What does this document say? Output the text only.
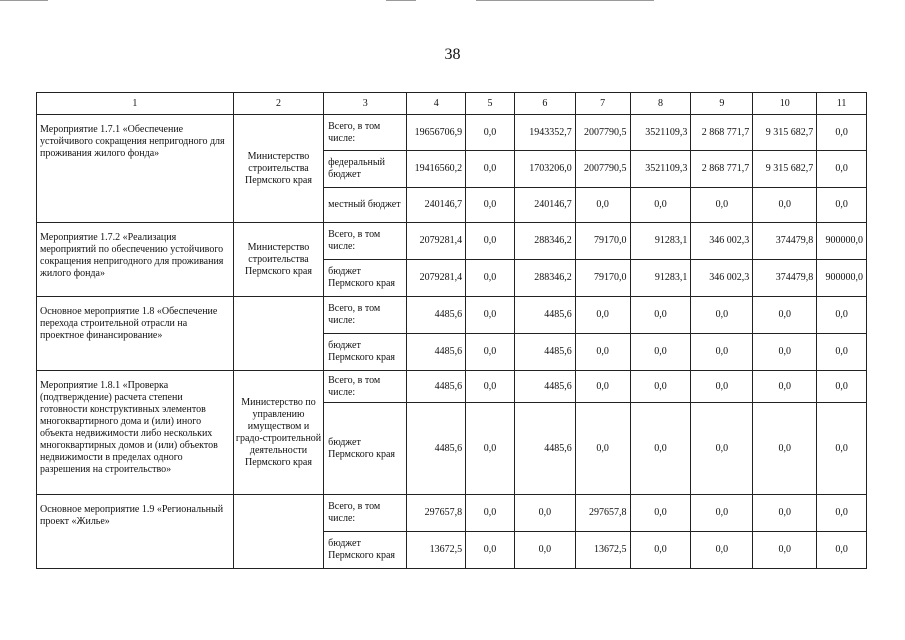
38
1	2	3	4	5	6	7	8	9	10	11
Мероприятие 1.7.1 «Обеспечение устойчивого сокращения непригодного для проживания жилого фонда»	Министерство строительства Пермского края	Всего, в том числе:	19656706,9	0,0	1943352,7	2007790,5	3521109,3	2 868 771,7	9 315 682,7	0,0
		федеральный бюджет	19416560,2	0,0	1703206,0	2007790,5	3521109,3	2 868 771,7	9 315 682,7	0,0
		местный бюджет	240146,7	0,0	240146,7	0,0	0,0	0,0	0,0	0,0
Мероприятие 1.7.2 «Реализация мероприятий по обеспечению устойчивого сокращения непригодного для проживания жилого фонда»	Министерство строительства Пермского края	Всего, в том числе:	2079281,4	0,0	288346,2	79170,0	91283,1	346 002,3	374479,8	900000,0
		бюджет Пермского края	2079281,4	0,0	288346,2	79170,0	91283,1	346 002,3	374479,8	900000,0
Основное мероприятие 1.8 «Обеспечение перехода строительной отрасли на проектное финансирование»		Всего, в том числе:	4485,6	0,0	4485,6	0,0	0,0	0,0	0,0	0,0
		бюджет Пермского края	4485,6	0,0	4485,6	0,0	0,0	0,0	0,0	0,0
Мероприятие 1.8.1 «Проверка (подтверждение) расчета степени готовности конструктивных элементов многоквартирного дома и (или) иного объекта недвижимости либо нескольких многоквартирных домов и (или) объектов недвижимости в пределах одного разрешения на строительство»	Министерство по управлению имуществом и градо-строительной деятельности Пермского края	Всего, в том числе:	4485,6	0,0	4485,6	0,0	0,0	0,0	0,0	0,0
		бюджет Пермского края	4485,6	0,0	4485,6	0,0	0,0	0,0	0,0	0,0
Основное мероприятие 1.9 «Региональный проект «Жилье»		Всего, в том числе:	297657,8	0,0	0,0	297657,8	0,0	0,0	0,0	0,0
		бюджет Пермского края	13672,5	0,0	0,0	13672,5	0,0	0,0	0,0	0,0
